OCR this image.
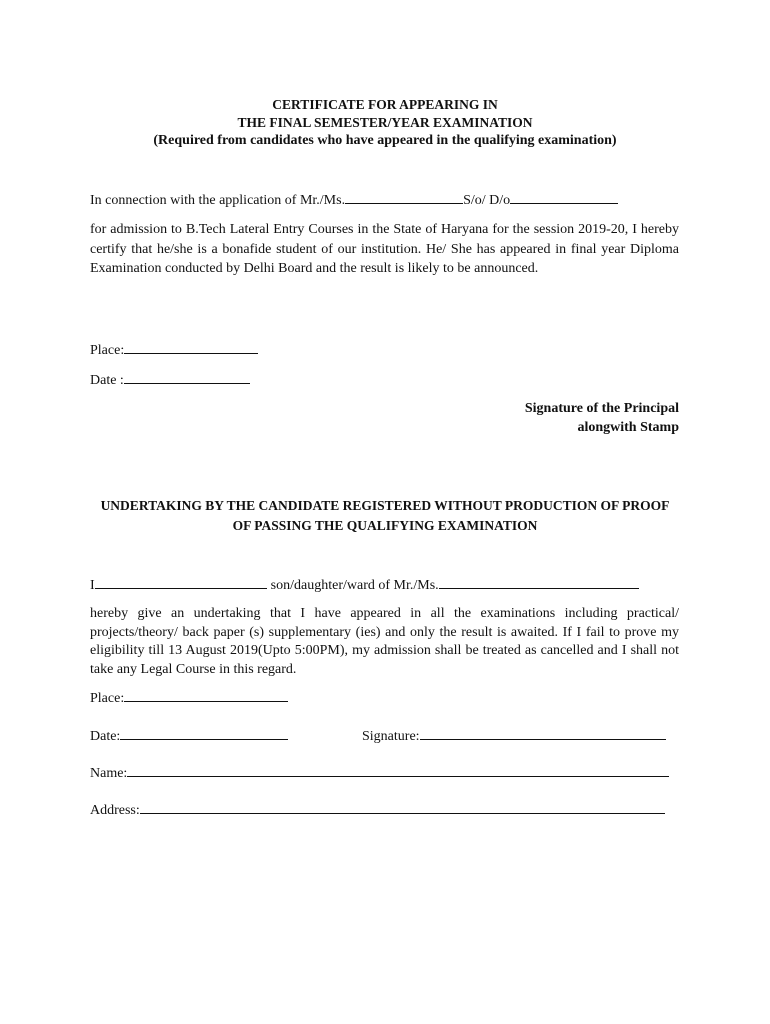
CERTIFICATE FOR APPEARING IN
THE FINAL SEMESTER/YEAR EXAMINATION
(Required from candidates who have appeared in the qualifying examination)
In connection with the application of Mr./Ms.	S/o/ D/o
for admission to B.Tech Lateral Entry Courses in the State of Haryana for the session 2019-20, I hereby certify that he/she is a bonafide student of our institution. He/ She has appeared in final year Diploma Examination conducted by Delhi Board and the result is likely to be announced.
Place:
Date :
Signature of the Principal
alongwith Stamp
UNDERTAKING BY THE CANDIDATE REGISTERED WITHOUT PRODUCTION OF PROOF
OF PASSING THE QUALIFYING EXAMINATION
I	son/daughter/ward of Mr./Ms.
hereby give an undertaking that I have appeared in all the examinations including practical/ projects/theory/ back paper (s) supplementary (ies) and only the result is awaited. If I fail to prove my eligibility till 13 August 2019(Upto 5:00PM), my admission shall be treated as cancelled and I shall not take any Legal Course in this regard.
Place:
Date:	Signature:
Name:
Address:
